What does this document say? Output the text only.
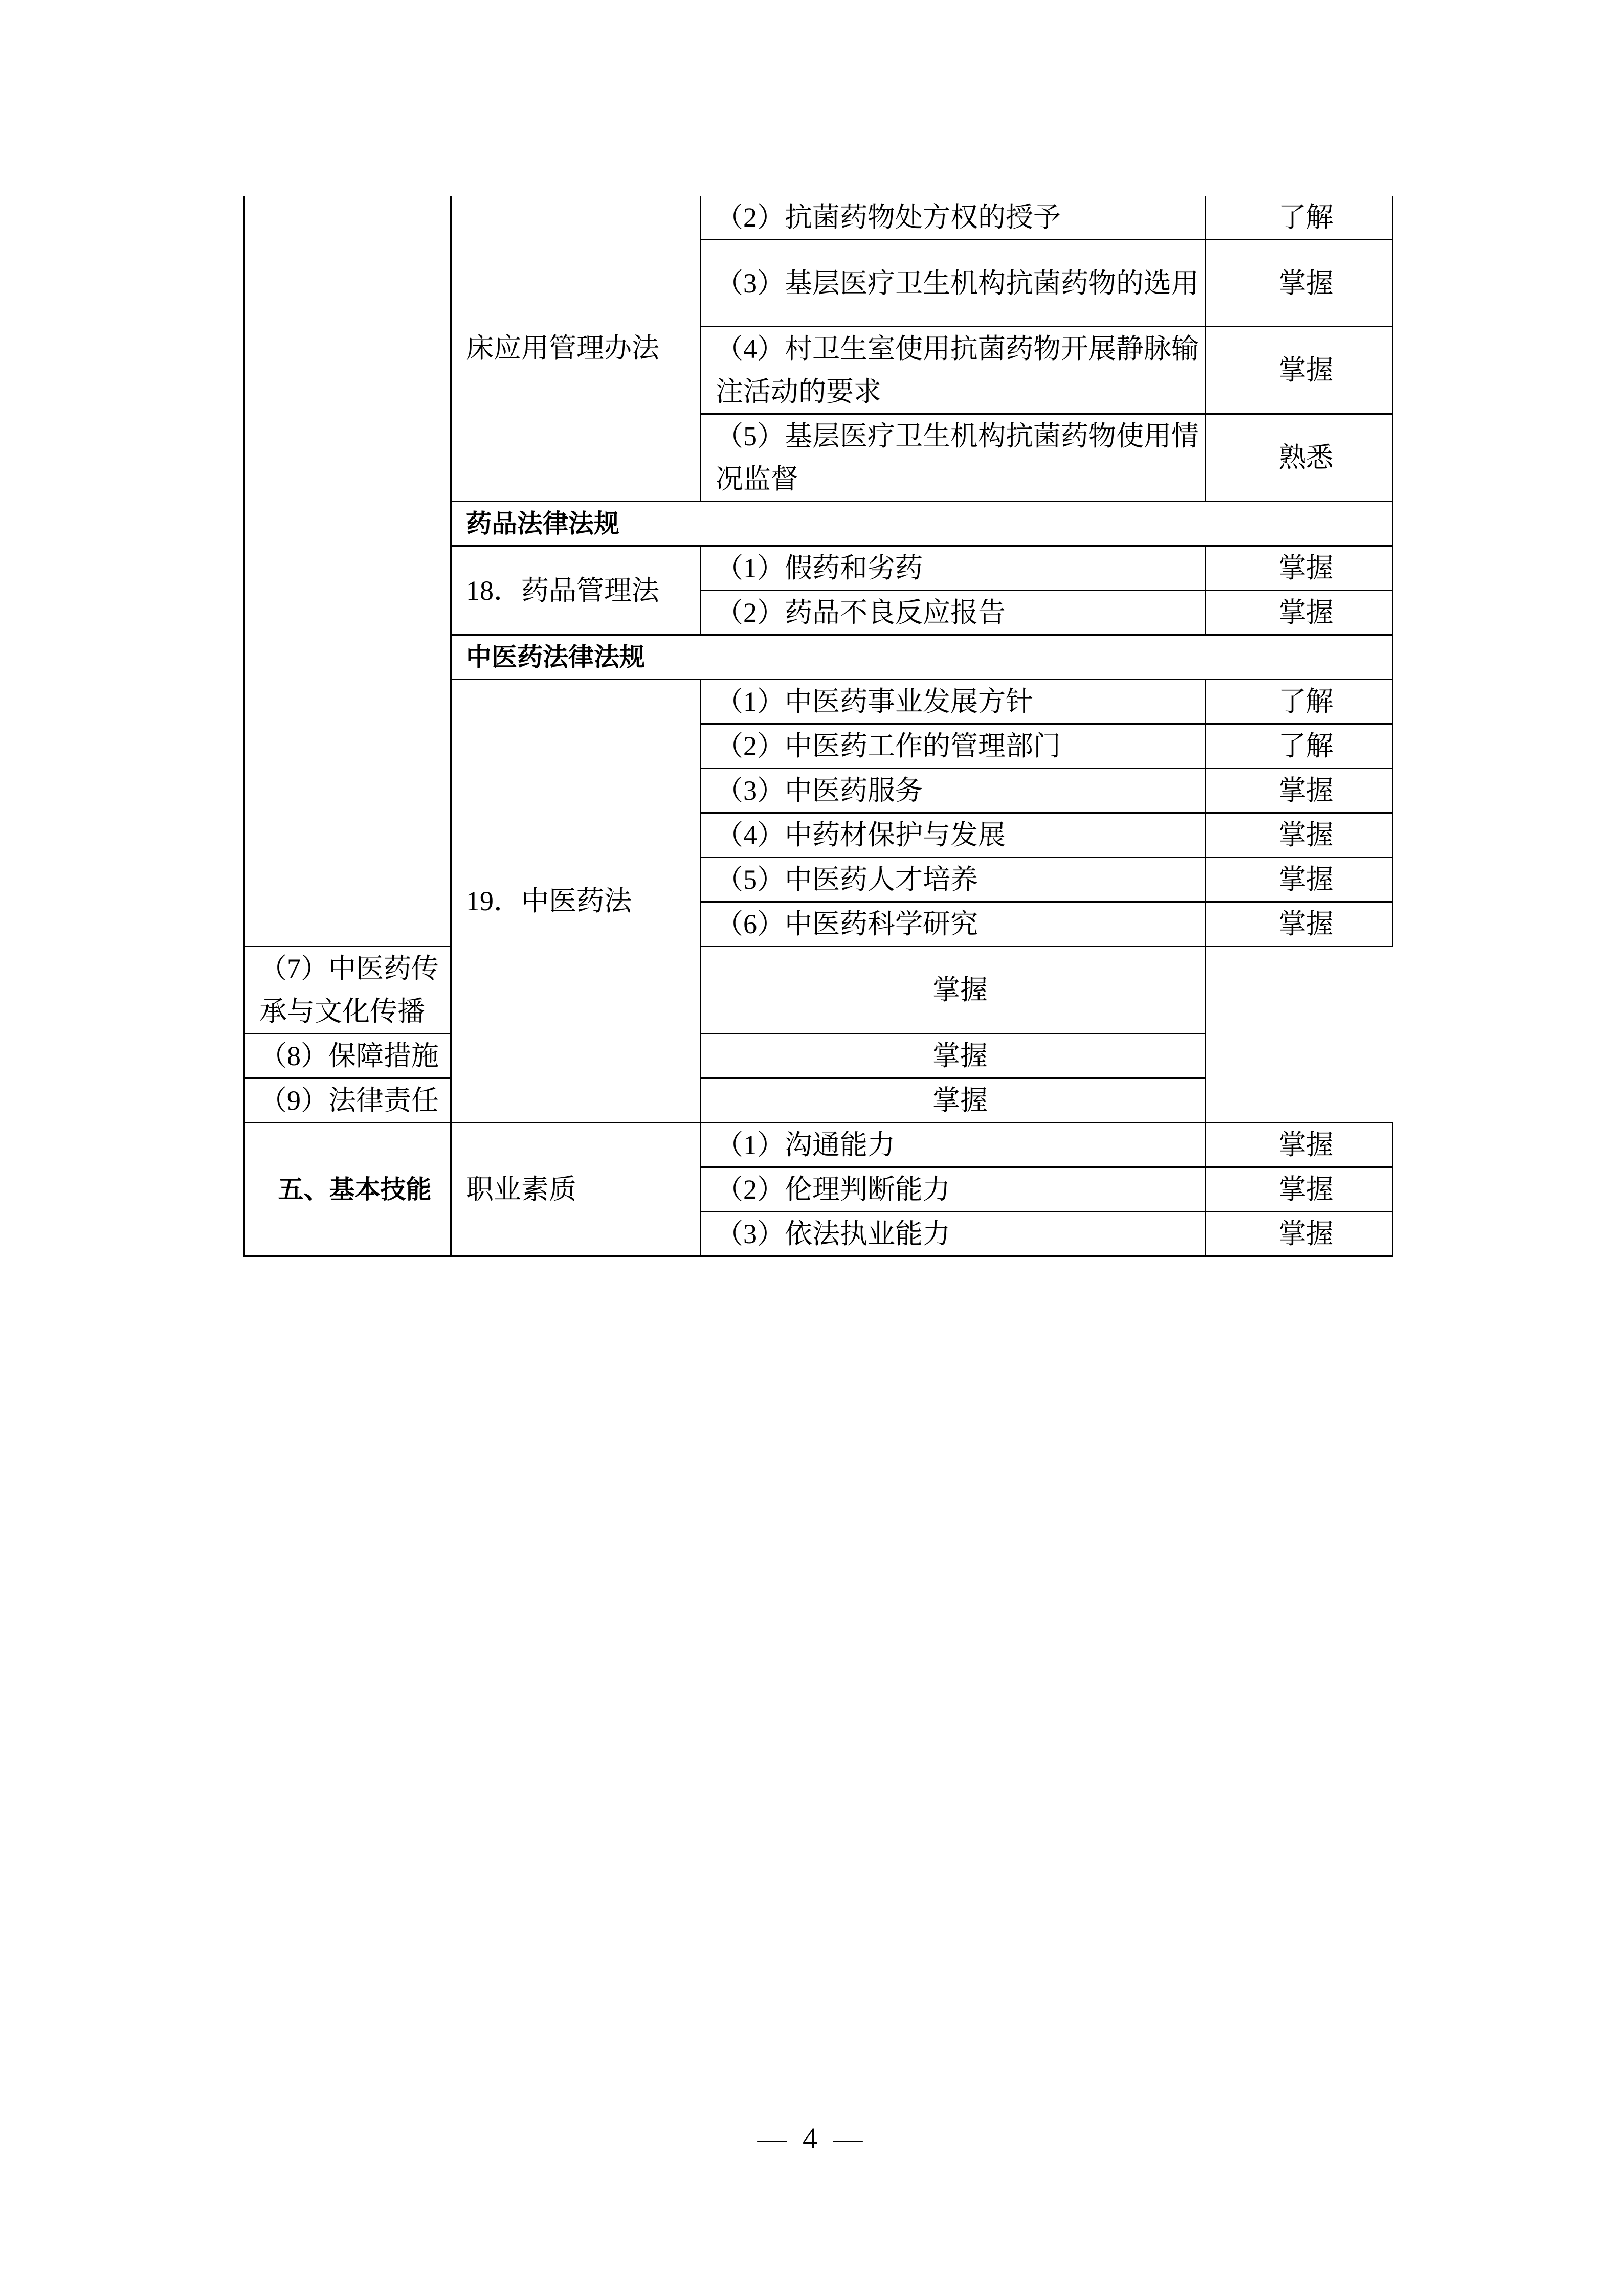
	床应用管理办法	（2）抗菌药物处方权的授予	了解
		（3）基层医疗卫生机构抗菌药物的选用	掌握
		（4）村卫生室使用抗菌药物开展静脉输注活动的要求	掌握
		（5）基层医疗卫生机构抗菌药物使用情况监督	熟悉
	药品法律法规		
	18．药品管理法	（1）假药和劣药	掌握
		（2）药品不良反应报告	掌握
	中医药法律法规		
	19．中医药法	（1）中医药事业发展方针	了解
		（2）中医药工作的管理部门	了解
		（3）中医药服务	掌握
		（4）中药材保护与发展	掌握
		（5）中医药人才培养	掌握
		（6）中医药科学研究	掌握
（7）中医药传承与文化传播		掌握	
（8）保障措施		掌握	
（9）法律责任		掌握	
五、基本技能	职业素质	（1）沟通能力	掌握
		（2）伦理判断能力	掌握
		（3）依法执业能力	掌握
— 4 —
